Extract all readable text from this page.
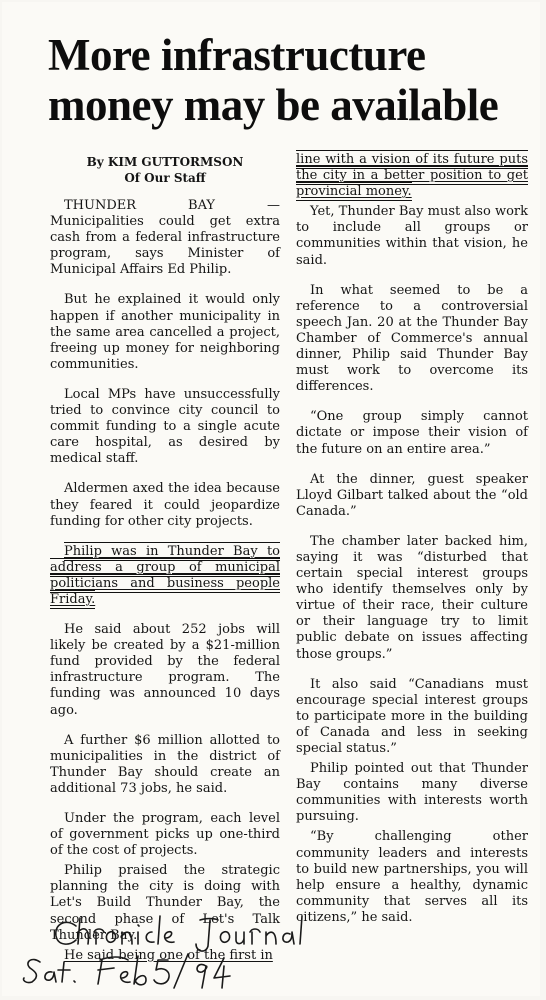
More infrastructure
money may be available
By KIM GUTTORMSON
Of Our Staff

THUNDER BAY — Municipalities could get extra cash from a federal infrastructure program, says Minister of Municipal Affairs Ed Philip.

But he explained it would only happen if another municipality in the same area cancelled a project, freeing up money for neighboring communities.

Local MPs have unsuccessfully tried to convince city council to commit funding to a single acute care hospital, as desired by medical staff.

Aldermen axed the idea because they feared it could jeopardize funding for other city projects.

Philip was in Thunder Bay to address a group of municipal politicians and business people Friday.

He said about 252 jobs will likely be created by a $21-million fund provided by the federal infrastructure program. The funding was announced 10 days ago.

A further $6 million allotted to municipalities in the district of Thunder Bay should create an additional 73 jobs, he said.

Under the program, each level of government picks up one-third of the cost of projects.

Philip praised the strategic planning the city is doing with Let's Build Thunder Bay, the second phase of Let's Talk Thunder Bay.

He said being one of the first in

line with a vision of its future puts the city in a better position to get provincial money.

Yet, Thunder Bay must also work to include all groups or communities within that vision, he said.

In what seemed to be a reference to a controversial speech Jan. 20 at the Thunder Bay Chamber of Commerce's annual dinner, Philip said Thunder Bay must work to overcome its differences.

“One group simply cannot dictate or impose their vision of the future on an entire area.”

At the dinner, guest speaker Lloyd Gilbart talked about the “old Canada.”

The chamber later backed him, saying it was “disturbed that certain special interest groups who identify themselves only by virtue of their race, their culture or their language try to limit public debate on issues affecting those groups.”

It also said “Canadians must encourage special interest groups to participate more in the building of Canada and less in seeking special status.”

Philip pointed out that Thunder Bay contains many diverse communities with interests worth pursuing.

“By challenging other community leaders and interests to build new partnerships, you will help ensure a healthy, dynamic community that serves all its citizens,” he said.
